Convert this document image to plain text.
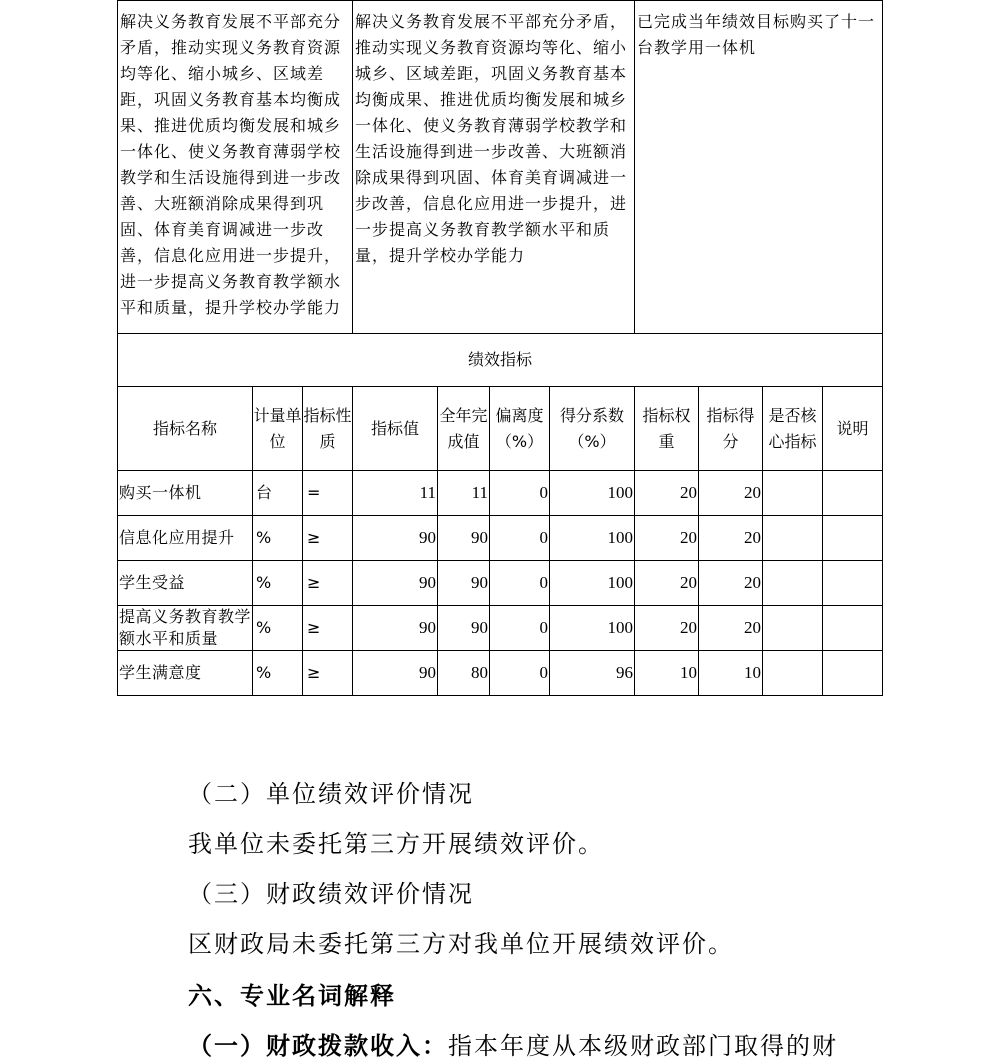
解决义务教育发展不平部充分矛盾，推动实现义务教育资源均等化、缩小城乡、区域差距，巩固义务教育基本均衡成果、推进优质均衡发展和城乡一体化、使义务教育薄弱学校教学和生活设施得到进一步改善、大班额消除成果得到巩固、体育美育调减进一步改善，信息化应用进一步提升，进一步提高义务教育教学额水平和质量，提升学校办学能力			解决义务教育发展不平部充分矛盾，推动实现义务教育资源均等化、缩小城乡、区域差距，巩固义务教育基本均衡成果、推进优质均衡发展和城乡一体化、使义务教育薄弱学校教学和生活设施得到进一步改善、大班额消除成果得到巩固、体育美育调减进一步改善，信息化应用进一步提升，进一步提高义务教育教学额水平和质量，提升学校办学能力				已完成当年绩效目标购买了十一台教学用一体机			
绩效指标										
指标名称	计量单位	指标性质	指标值	全年完成值	偏离度（%）	得分系数（%）	指标权重	指标得分	是否核心指标	说明
购买一体机	台	=	11	11	0	100	20	20		
信息化应用提升	%	≥	90	90	0	100	20	20		
学生受益	%	≥	90	90	0	100	20	20		
提高义务教育教学额水平和质量	%	≥	90	90	0	100	20	20		
学生满意度	%	≥	90	80	0	96	10	10		
（二）单位绩效评价情况
我单位未委托第三方开展绩效评价。
（三）财政绩效评价情况
区财政局未委托第三方对我单位开展绩效评价。
六、专业名词解释
（一）财政拨款收入：指本年度从本级财政部门取得的财
